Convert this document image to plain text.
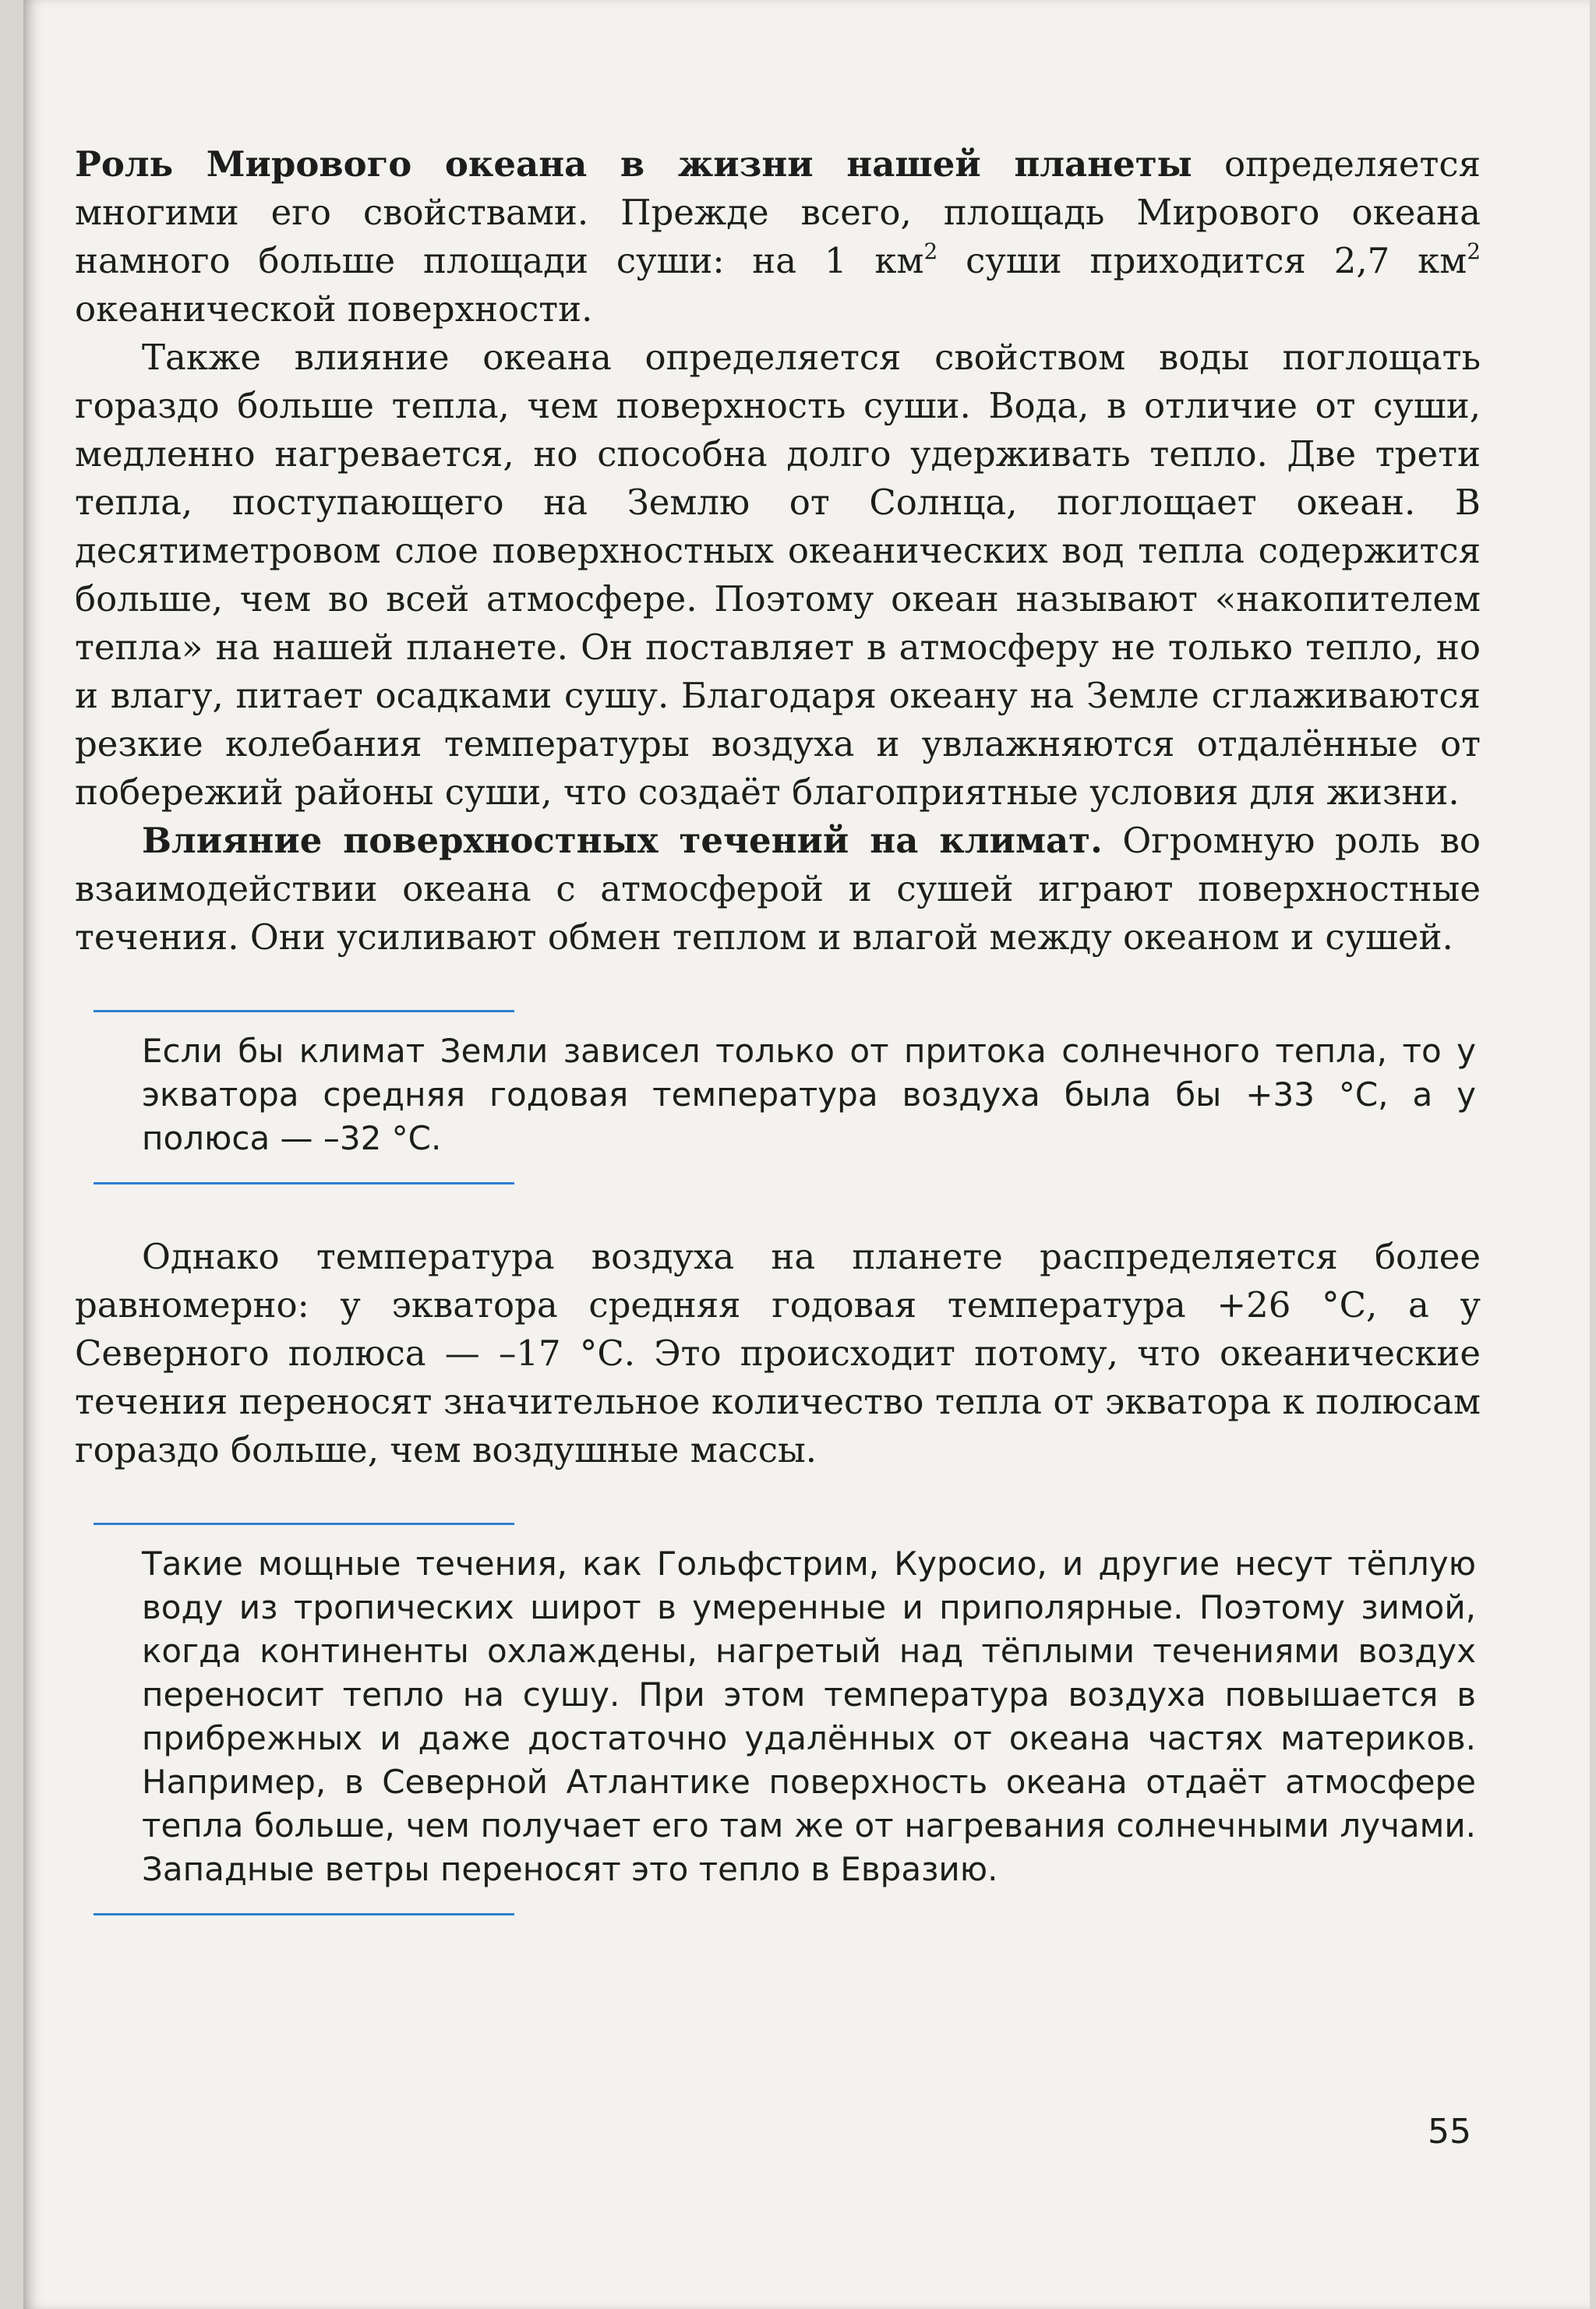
Роль Мирового океана в жизни нашей планеты определяется многими его свойствами. Прежде всего, площадь Мирового океана намного больше площади суши: на 1 $км^2$ суши приходится 2,7 $км^2$ океанической поверхности.

Также влияние океана определяется свойством воды поглощать гораздо больше тепла, чем поверхность суши. Вода, в отличие от суши, медленно нагревается, но способна долго удерживать тепло. Две трети тепла, поступающего на Землю от Солнца, поглощает океан. В десятиметровом слое поверхностных океанических вод тепла содержится больше, чем во всей атмосфере. Поэтому океан называют «накопителем тепла» на нашей планете. Он поставляет в атмосферу не только тепло, но и влагу, питает осадками сушу. Благодаря океану на Земле сглаживаются резкие колебания температуры воздуха и увлажняются отдалённые от побережий районы суши, что создаёт благоприятные условия для жизни.

Влияние поверхностных течений на климат. Огромную роль во взаимодействии океана с атмосферой и сушей играют поверхностные течения. Они усиливают обмен теплом и влагой между океаном и сушей.

Если бы климат Земли зависел только от притока солнечного тепла, то у экватора средняя годовая температура воздуха была бы +33 °С, а у полюса — –32 °С.

Однако температура воздуха на планете распределяется более равномерно: у экватора средняя годовая температура +26 °С, а у Северного полюса — –17 °С. Это происходит потому, что океанические течения переносят значительное количество тепла от экватора к полюсам гораздо больше, чем воздушные массы.

Такие мощные течения, как Гольфстрим, Куросио, и другие несут тёплую воду из тропических широт в умеренные и приполярные. Поэтому зимой, когда континенты охлаждены, нагретый над тёплыми течениями воздух переносит тепло на сушу. При этом температура воздуха повышается в прибрежных и даже достаточно удалённых от океана частях материков. Например, в Северной Атлантике поверхность океана отдаёт атмосфере тепла больше, чем получает его там же от нагревания солнечными лучами. Западные ветры переносят это тепло в Евразию.

55
